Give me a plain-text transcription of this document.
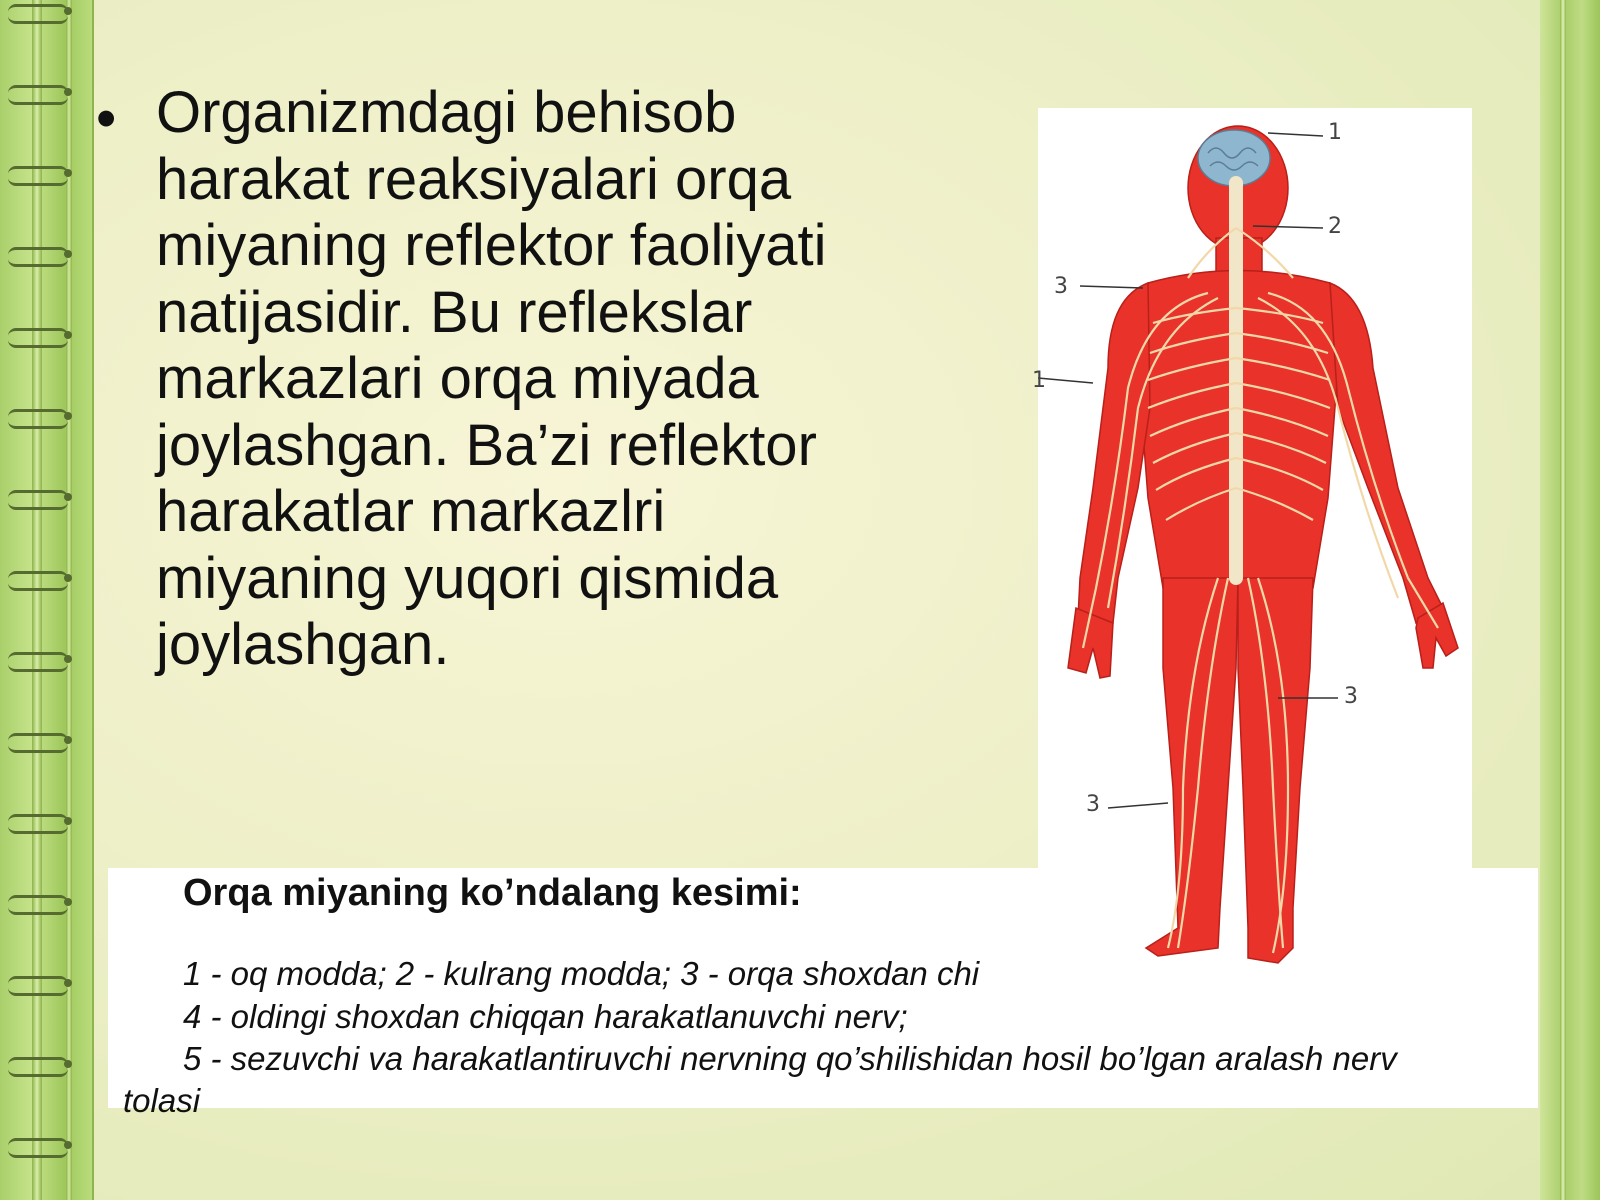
• Organizmdagi behisob
harakat reaksiyalari orqa
miyaning reflektor faoliyati
natijasidir. Bu reflekslar
markazlari orqa miyada
joylashgan. Ba’zi reflektor
harakatlar markazlri
miyaning yuqori qismida
joylashgan.
Orqa miyaning ko’ndalang kesimi:
1 - oq modda; 2 - kulrang modda; 3 - orqa shoxdan chi
4 - oldingi shoxdan chiqqan harakatlanuvchi nerv;
5 - sezuvchi va harakatlantiruvchi nervning qo’shilishidan hosil bo’lgan aralash nerv
tolasi
1
2
3
1
3
3
